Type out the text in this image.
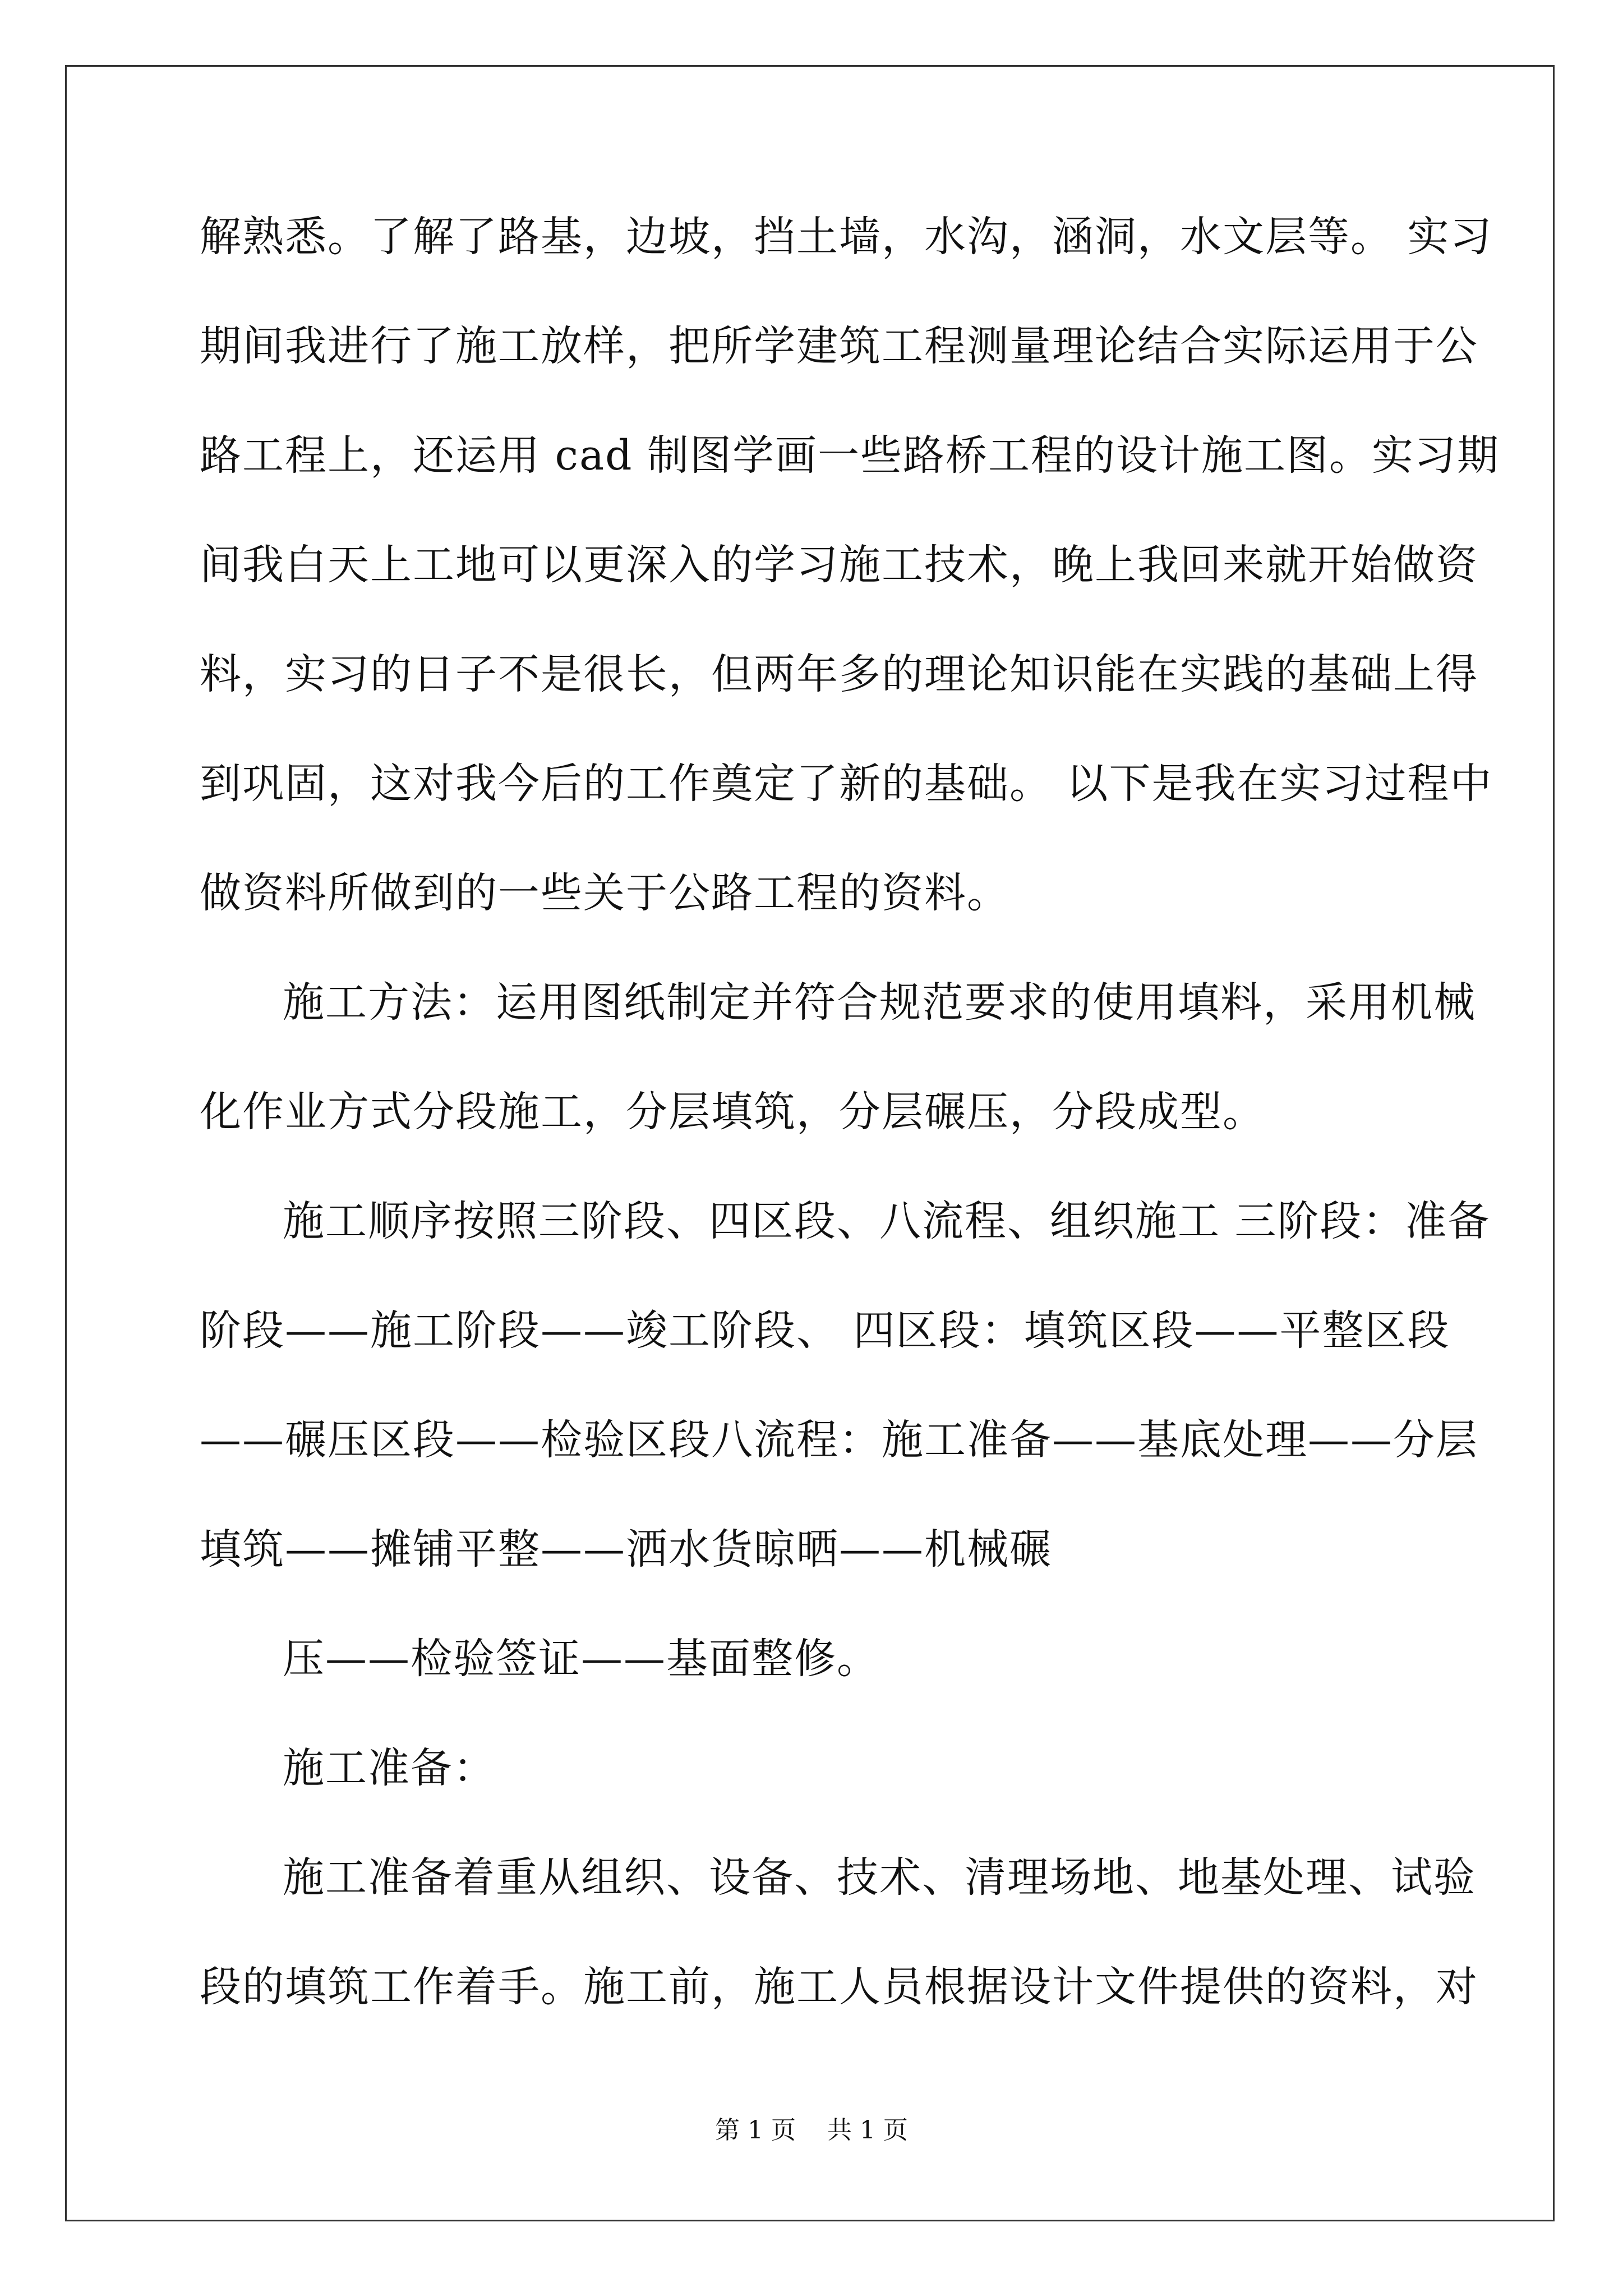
解熟悉。了解了路基，边坡，挡土墙，水沟，涵洞，水文层等。 实习
期间我进行了施工放样，把所学建筑工程测量理论结合实际运用于公
路工程上，还运用 cad 制图学画一些路桥工程的设计施工图。实习期
间我白天上工地可以更深入的学习施工技术，晚上我回来就开始做资
料，实习的日子不是很长，但两年多的理论知识能在实践的基础上得
到巩固，这对我今后的工作奠定了新的基础。 以下是我在实习过程中
做资料所做到的一些关于公路工程的资料。
施工方法：运用图纸制定并符合规范要求的使用填料，采用机械
化作业方式分段施工，分层填筑，分层碾压，分段成型。
施工顺序按照三阶段、四区段、八流程、组织施工 三阶段：准备
阶段——施工阶段——竣工阶段、 四区段：填筑区段——平整区段
——碾压区段——检验区段八流程：施工准备——基底处理——分层
填筑——摊铺平整——洒水货晾晒——机械碾
压——检验签证——基面整修。
施工准备：
施工准备着重从组织、设备、技术、清理场地、地基处理、试验
段的填筑工作着手。施工前，施工人员根据设计文件提供的资料，对
第 1 页    共 1 页
